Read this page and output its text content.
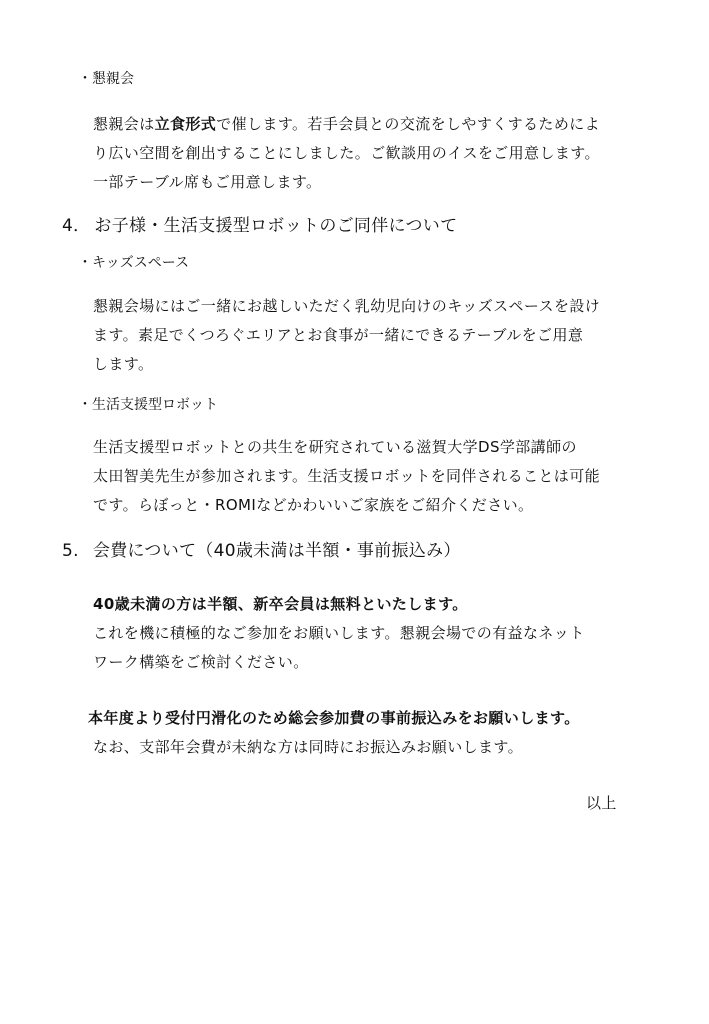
・懇親会
懇親会は立食形式で催します。若手会員との交流をしやすくするためによ
り広い空間を創出することにしました。ご歓談用のイスをご用意します。
一部テーブル席もご用意します。
4． お子様・生活支援型ロボットのご同伴について
・キッズスペース
懇親会場にはご一緒にお越しいただく乳幼児向けのキッズスペースを設け
ます。素足でくつろぐエリアとお食事が一緒にできるテーブルをご用意
します。
・生活支援型ロボット
生活支援型ロボットとの共生を研究されている滋賀大学DS学部講師の
太田智美先生が参加されます。生活支援ロボットを同伴されることは可能
です。らぼっと・ROMIなどかわいいご家族をご紹介ください。
5. 会費について（40歳未満は半額・事前振込み）
40歳未満の方は半額、新卒会員は無料といたします。
これを機に積極的なご参加をお願いします。懇親会場での有益なネット
ワーク構築をご検討ください。
本年度より受付円滑化のため総会参加費の事前振込みをお願いします。
なお、支部年会費が未納な方は同時にお振込みお願いします。
以上
